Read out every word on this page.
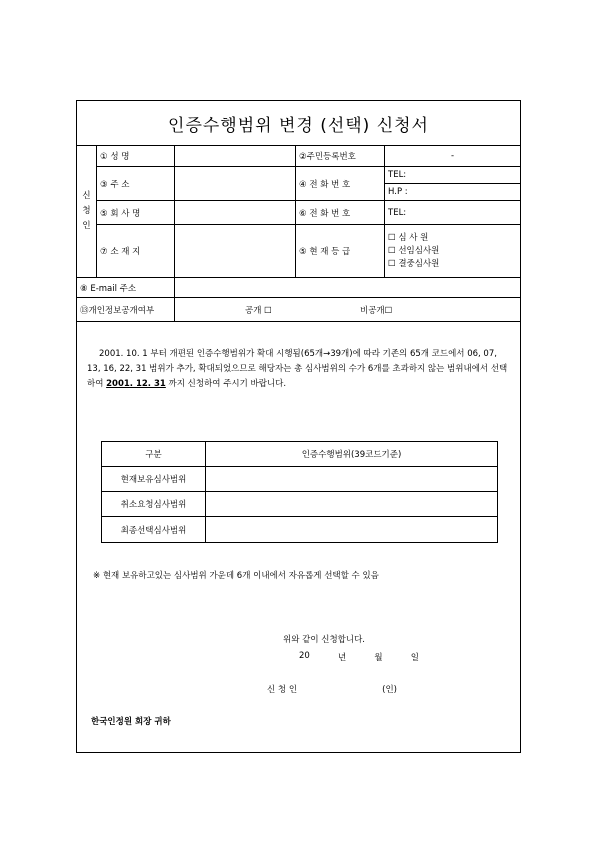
인증수행범위 변경 (선택) 신청서
신
청
인
① 성 명	②주민등록번호	-
③ 주 소	④ 전 화 번 호
TEL:
H.P :
⑤ 회 사 명	⑥ 전 화 번 호	TEL:
⑦ 소 재 지	⑤ 현 재 등 급
☐ 심 사 원
☐ 선임심사원
☐ 결중심사원
⑧ E-mail 주소
⑬개인정보공개여부	공개 ☐	비공개☐
2001. 10. 1 부터 개편된 인증수행범위가 확대 시행됨(65개→39개)에 따라 기존의 65개 코드에서 06, 07, 13, 16, 22, 31 범위가 추가, 확대되었으므로 해당자는 총 심사범위의 수가 6개를 초과하지 않는 범위내에서 선택하여 2001. 12. 31 까지 신청하여 주시기 바랍니다.
구분	인증수행범위(39코드기준)
현재보유심사범위
취소요청심사범위
최종선택심사범위
※ 현재 보유하고있는 심사범위 가운데 6개 이내에서 자유롭게 선택할 수 있음
위와 같이 신청합니다.
20	년	월	일
신 청 인	(인)
한국인정원 회장 귀하
